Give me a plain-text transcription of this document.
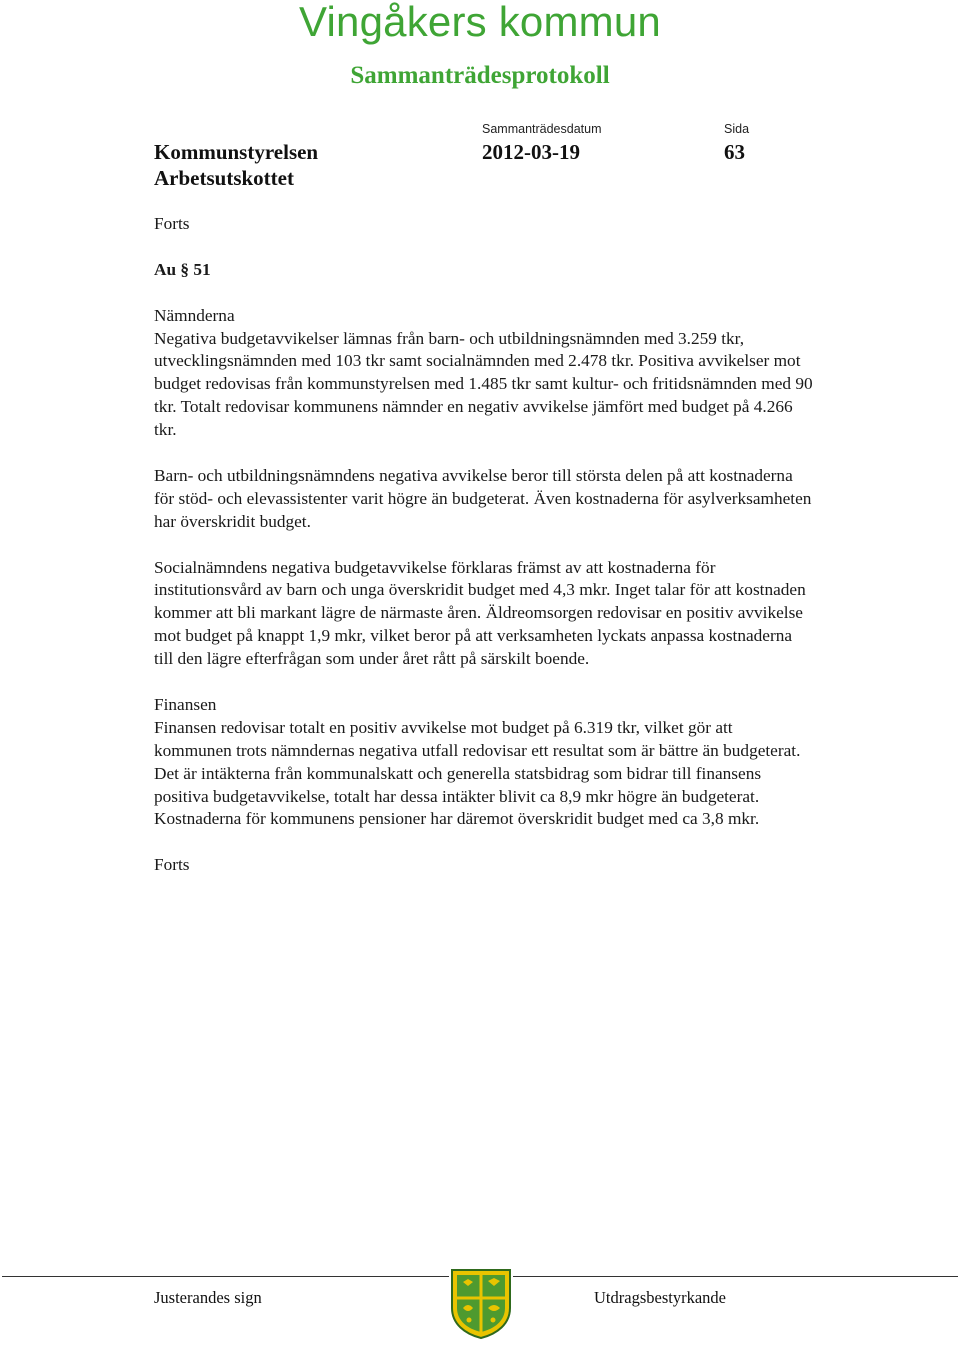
Vingåkers kommun
Sammanträdesprotokoll
Sammanträdesdatum	Sida
Kommunstyrelsen
Arbetsutskottet
2012-03-19	63

Forts

Au § 51

Nämnderna

Negativa budgetavvikelser lämnas från barn- och utbildningsnämnden med 3.259 tkr, utvecklingsnämnden med 103 tkr samt socialnämnden med 2.478 tkr. Positiva avvikelser mot budget redovisas från kommunstyrelsen med 1.485 tkr samt kultur- och fritidsnämnden med 90 tkr. Totalt redovisar kommunens nämnder en negativ avvikelse jämfört med budget på 4.266 tkr.

Barn- och utbildningsnämndens negativa avvikelse beror till största delen på att kostnaderna för stöd- och elevassistenter varit högre än budgeterat. Även kostnaderna för asylverksamheten har överskridit budget.

Socialnämndens negativa budgetavvikelse förklaras främst av att kostnaderna för institutionsvård av barn och unga överskridit budget med 4,3 mkr. Inget talar för att kostnaden kommer att bli markant lägre de närmaste åren. Äldreomsorgen redovisar en positiv avvikelse mot budget på knappt 1,9 mkr, vilket beror på att verksamheten lyckats anpassa kostnaderna till den lägre efterfrågan som under året rått på särskilt boende.

Finansen

Finansen redovisar totalt en positiv avvikelse mot budget på 6.319 tkr, vilket gör att kommunen trots nämndernas negativa utfall redovisar ett resultat som är bättre än budgeterat. Det är intäkterna från kommunalskatt och generella statsbidrag som bidrar till finansens positiva budgetavvikelse, totalt har dessa intäkter blivit ca 8,9 mkr högre än budgeterat. Kostnaderna för kommunens pensioner har däremot överskridit budget med ca 3,8 mkr.

Forts

Justerandes sign	Utdragsbestyrkande
